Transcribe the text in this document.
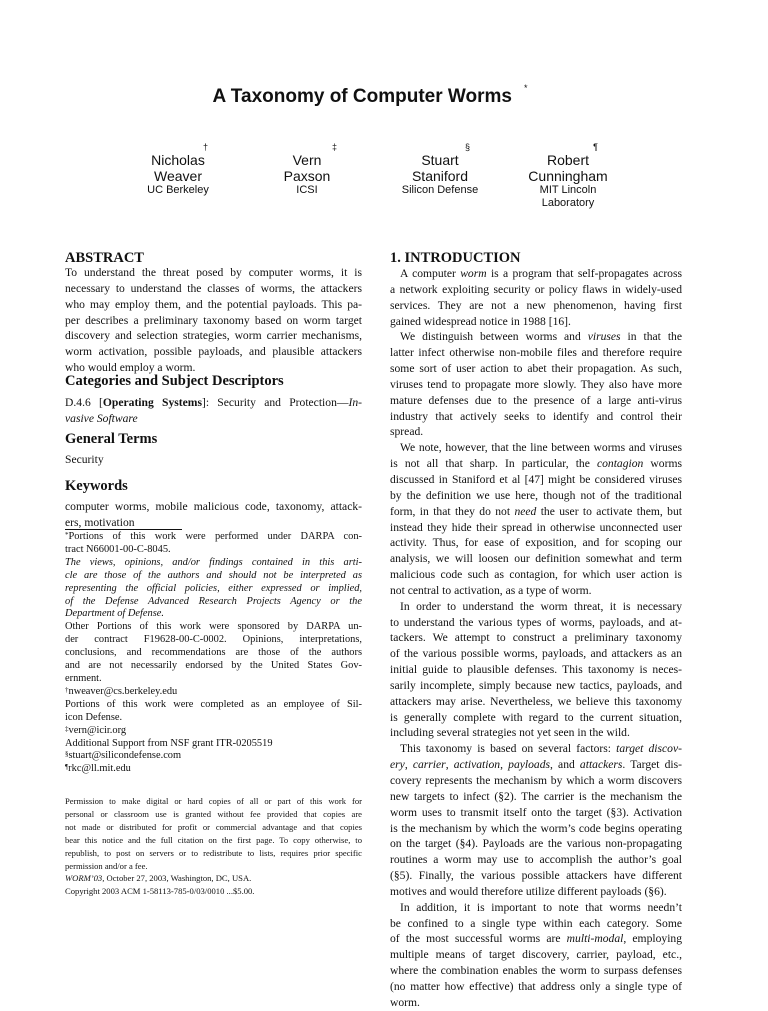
A Taxonomy of Computer Worms *
†
Nicholas
Weaver
UC Berkeley
‡
Vern
Paxson
ICSI
§
Stuart
Staniford
Silicon Defense
¶
Robert
Cunningham
MIT Lincoln
Laboratory
ABSTRACT
To understand the threat posed by computer worms, it is
necessary to understand the classes of worms, the attackers
who may employ them, and the potential payloads. This pa-
per describes a preliminary taxonomy based on worm target
discovery and selection strategies, worm carrier mechanisms,
worm activation, possible payloads, and plausible attackers
who would employ a worm.
Categories and Subject Descriptors
D.4.6 [Operating Systems]: Security and Protection—In-
vasive Software
General Terms
Security
Keywords
computer worms, mobile malicious code, taxonomy, attack-
ers, motivation
*Portions of this work were performed under DARPA con-
tract N66001-00-C-8045.
The views, opinions, and/or findings contained in this arti-
cle are those of the authors and should not be interpreted as
representing the official policies, either expressed or implied,
of the Defense Advanced Research Projects Agency or the
Department of Defense.
Other Portions of this work were sponsored by DARPA un-
der contract F19628-00-C-0002. Opinions, interpretations,
conclusions, and recommendations are those of the authors
and are not necessarily endorsed by the United States Gov-
ernment.
†nweaver@cs.berkeley.edu
Portions of this work were completed as an employee of Sil-
icon Defense.
‡vern@icir.org
Additional Support from NSF grant ITR-0205519
§stuart@silicondefense.com
¶rkc@ll.mit.edu
Permission to make digital or hard copies of all or part of this work for
personal or classroom use is granted without fee provided that copies are
not made or distributed for profit or commercial advantage and that copies
bear this notice and the full citation on the first page. To copy otherwise, to
republish, to post on servers or to redistribute to lists, requires prior specific
permission and/or a fee.
WORM’03, October 27, 2003, Washington, DC, USA.
Copyright 2003 ACM 1-58113-785-0/03/0010 ...$5.00.
1. INTRODUCTION
A computer worm is a program that self-propagates across
a network exploiting security or policy flaws in widely-used
services. They are not a new phenomenon, having first
gained widespread notice in 1988 [16].
We distinguish between worms and viruses in that the
latter infect otherwise non-mobile files and therefore require
some sort of user action to abet their propagation. As such,
viruses tend to propagate more slowly. They also have more
mature defenses due to the presence of a large anti-virus
industry that actively seeks to identify and control their
spread.
We note, however, that the line between worms and viruses
is not all that sharp. In particular, the contagion worms
discussed in Staniford et al [47] might be considered viruses
by the definition we use here, though not of the traditional
form, in that they do not need the user to activate them, but
instead they hide their spread in otherwise unconnected user
activity. Thus, for ease of exposition, and for scoping our
analysis, we will loosen our definition somewhat and term
malicious code such as contagion, for which user action is
not central to activation, as a type of worm.
In order to understand the worm threat, it is necessary
to understand the various types of worms, payloads, and at-
tackers. We attempt to construct a preliminary taxonomy
of the various possible worms, payloads, and attackers as an
initial guide to plausible defenses. This taxonomy is neces-
sarily incomplete, simply because new tactics, payloads, and
attackers may arise. Nevertheless, we believe this taxonomy
is generally complete with regard to the current situation,
including several strategies not yet seen in the wild.
This taxonomy is based on several factors: target discov-
ery, carrier, activation, payloads, and attackers. Target dis-
covery represents the mechanism by which a worm discovers
new targets to infect (§2). The carrier is the mechanism the
worm uses to transmit itself onto the target (§3). Activation
is the mechanism by which the worm’s code begins operating
on the target (§4). Payloads are the various non-propagating
routines a worm may use to accomplish the author’s goal
(§5). Finally, the various possible attackers have different
motives and would therefore utilize different payloads (§6).
In addition, it is important to note that worms needn’t
be confined to a single type within each category. Some
of the most successful worms are multi-modal, employing
multiple means of target discovery, carrier, payload, etc.,
where the combination enables the worm to surpass defenses
(no matter how effective) that address only a single type of
worm.
